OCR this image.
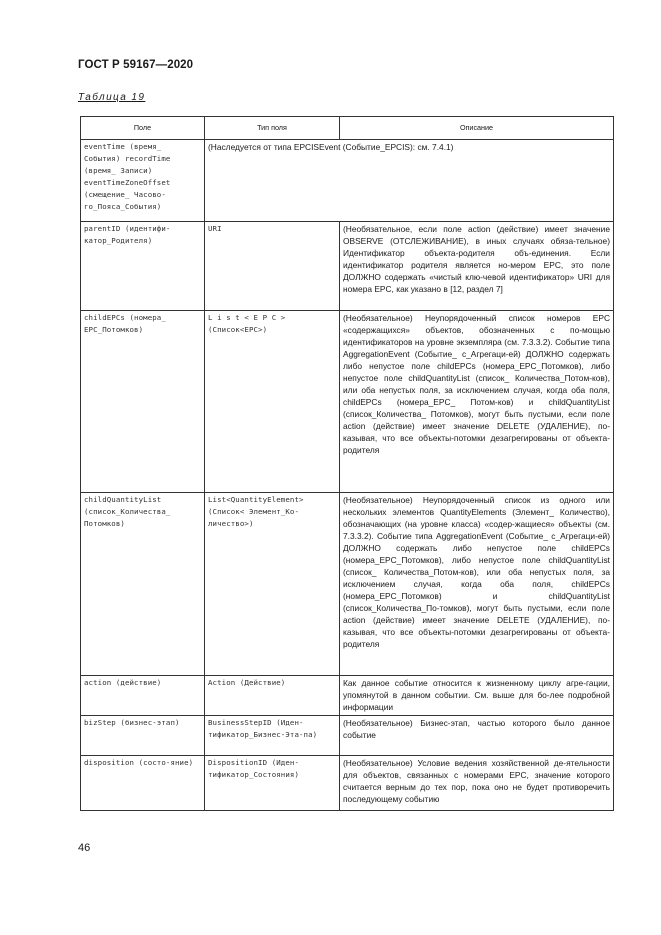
ГОСТ Р 59167—2020
Таблица 19
Поле	Тип поля	Описание
eventTime (время_ События) recordTime (время_ Записи) eventTimeZoneOffset (смещение_ Часово-го_Пояса_События)	(Наследуется от типа EPCISEvent (Событие_EPCIS): см. 7.4.1)	
parentID (идентифи-катор_Родителя)	URI	(Необязательное, если поле action (действие) имеет значение OBSERVE (ОТСЛЕЖИВАНИЕ), в иных случаях обяза-тельное) Идентификатор объекта-родителя объ-единения. Если идентификатор родителя является но-мером EPC, это поле ДОЛЖНО содержать «чистый клю-чевой идентификатор» URI для номера EPC, как указано в [12, раздел 7]
childEPCs (номера_ EPC_Потомков)	L i s t < E P C > (Список<EPC>)	(Необязательное) Неупорядоченный список номеров EPC «содержащихся» объектов, обозначенных с по-мощью идентификаторов на уровне экземпляра (см. 7.3.3.2). Событие типа AggregationEvent (Событие_ с_Агрегаци-ей) ДОЛЖНО содержать либо непустое поле childEPCs (номера_EPC_Потомков), либо непустое поле childQuantityList (список_ Количества_Потом-ков), или оба непустых поля, за исключением случая, когда оба поля, childEPCs (номера_EPC_ Потом-ков) и childQuantityList (список_Количества_ Потомков), могут быть пустыми, если поле action (действие) имеет значение DELETE (УДАЛЕНИЕ), по-казывая, что все объекты-потомки дезагрегированы от объекта-родителя
childQuantityList (список_Количества_ Потомков)	List<QuantityElement> (Список< Элемент_Ко-личество>)	(Необязательное) Неупорядоченный список из одного или нескольких элементов QuantityElements (Элемент_ Количество), обозначающих (на уровне класса) «содер-жащиеся» объекты (см. 7.3.3.2). Событие типа AggregationEvent (Событие_ с_Агрегаци-ей) ДОЛЖНО содержать либо непустое поле childEPCs (номера_EPC_Потомков), либо непустое поле childQuantityList (список_ Количества_Потом-ков), или оба непустых поля, за исключением случая, когда оба поля, childEPCs (номера_EPC_Потомков) и childQuantityList (список_Количества_По-томков), могут быть пустыми, если поле action (действие) имеет значение DELETE (УДАЛЕНИЕ), по-казывая, что все объекты-потомки дезагрегированы от объекта-родителя
action (действие)	Action (Действие)	Как данное событие относится к жизненному циклу агре-гации, упомянутой в данном событии. См. выше для бо-лее подробной информации
bizStep (бизнес-этап)	BusinessStepID (Иден-тификатор_Бизнес-Эта-па)	(Необязательное) Бизнес-этап, частью которого было данное событие
disposition (состо-яние)	DispositionID (Иден-тификатор_Состояния)	(Необязательное) Условие ведения хозяйственной де-ятельности для объектов, связанных с номерами EPC, значение которого считается верным до тех пор, пока оно не будет противоречить последующему событию
46
